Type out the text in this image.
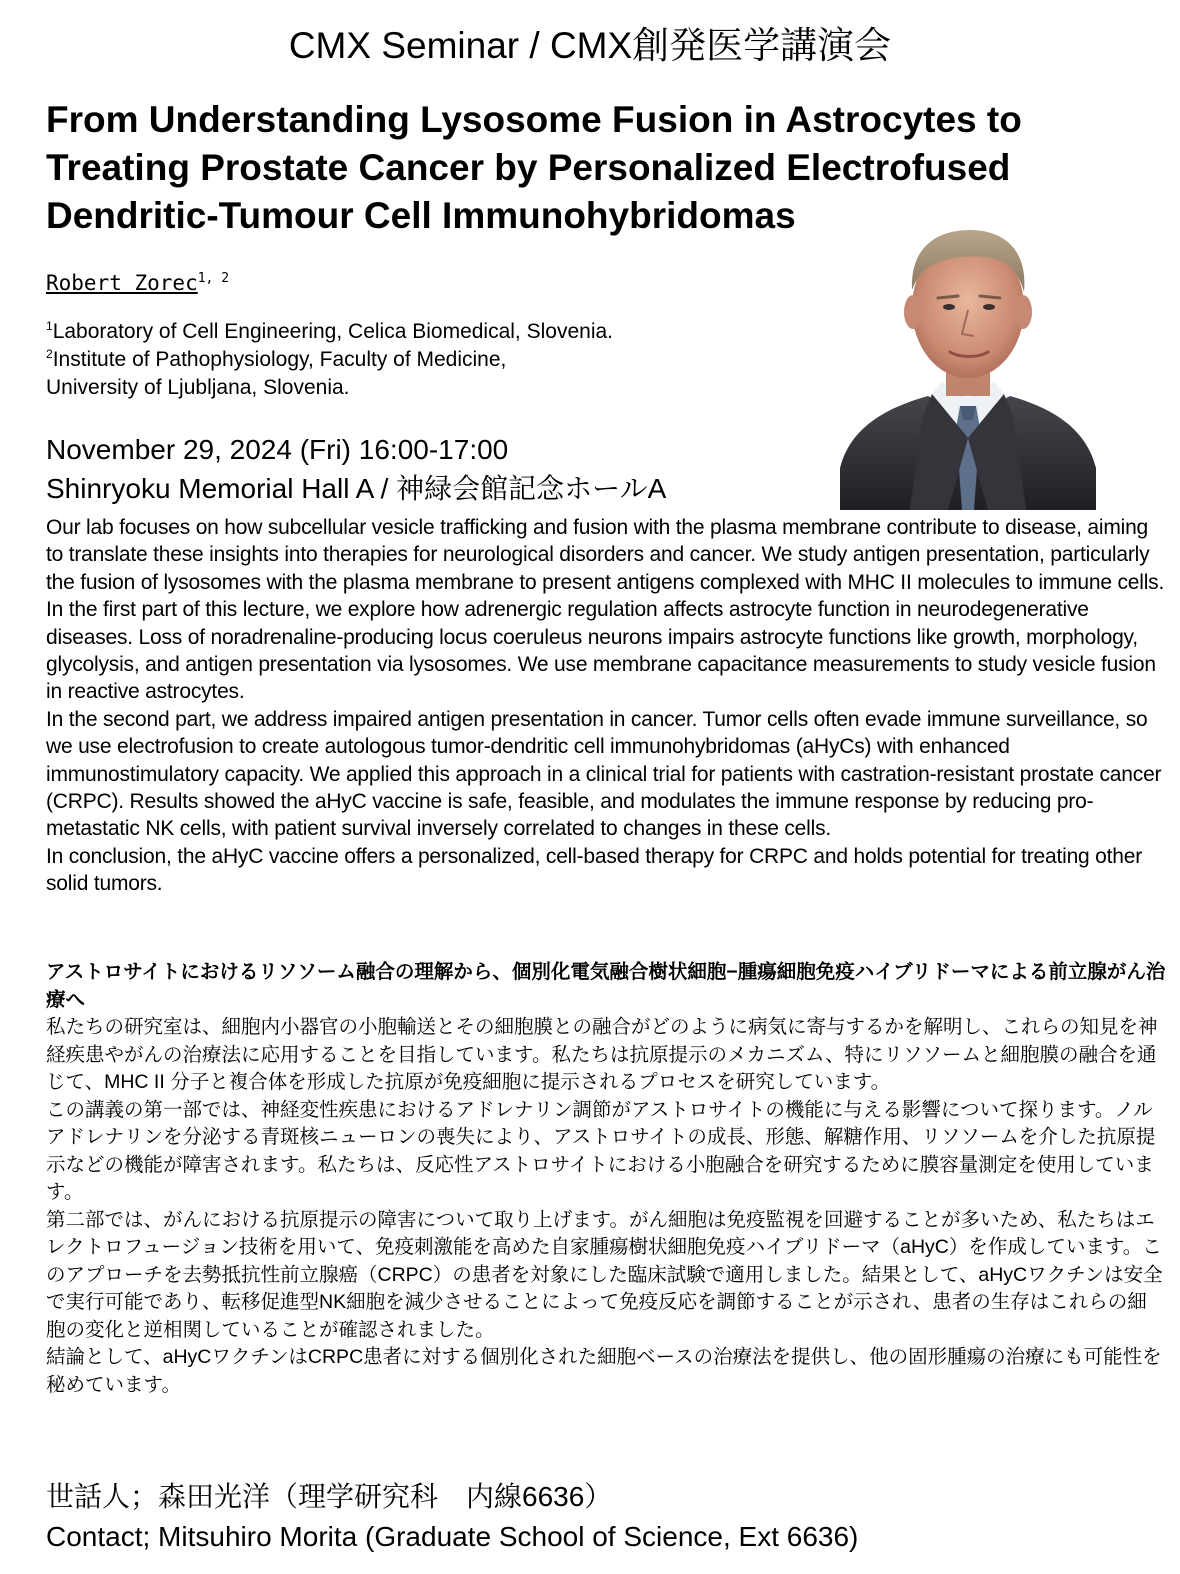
CMX Seminar / CMX創発医学講演会
From Understanding Lysosome Fusion in Astrocytes to
Treating Prostate Cancer by Personalized Electrofused
Dendritic-Tumour Cell Immunohybridomas
Robert Zorec$^{1, 2}$
$^1$Laboratory of Cell Engineering, Celica Biomedical, Slovenia.
$^2$Institute of Pathophysiology, Faculty of Medicine,
University of Ljubljana, Slovenia.
November 29, 2024 (Fri) 16:00-17:00
Shinryoku Memorial Hall A / 神緑会館記念ホールA

Our lab focuses on how subcellular vesicle trafficking and fusion with the plasma membrane contribute to disease, aiming to translate these insights into therapies for neurological disorders and cancer. We study antigen presentation, particularly the fusion of lysosomes with the plasma membrane to present antigens complexed with MHC II molecules to immune cells.

In the first part of this lecture, we explore how adrenergic regulation affects astrocyte function in neurodegenerative diseases. Loss of noradrenaline-producing locus coeruleus neurons impairs astrocyte functions like growth, morphology, glycolysis, and antigen presentation via lysosomes. We use membrane capacitance measurements to study vesicle fusion in reactive astrocytes.

In the second part, we address impaired antigen presentation in cancer. Tumor cells often evade immune surveillance, so we use electrofusion to create autologous tumor-dendritic cell immunohybridomas (aHyCs) with enhanced immunostimulatory capacity. We applied this approach in a clinical trial for patients with castration-resistant prostate cancer (CRPC). Results showed the aHyC vaccine is safe, feasible, and modulates the immune response by reducing pro-metastatic NK cells, with patient survival inversely correlated to changes in these cells.

In conclusion, the aHyC vaccine offers a personalized, cell-based therapy for CRPC and holds potential for treating other solid tumors.

アストロサイトにおけるリソソーム融合の理解から、個別化電気融合樹状細胞−腫瘍細胞免疫ハイブリドーマによる前立腺がん治療へ

私たちの研究室は、細胞内小器官の小胞輸送とその細胞膜との融合がどのように病気に寄与するかを解明し、これらの知見を神経疾患やがんの治療法に応用することを目指しています。私たちは抗原提示のメカニズム、特にリソソームと細胞膜の融合を通じて、MHC II 分子と複合体を形成した抗原が免疫細胞に提示されるプロセスを研究しています。

この講義の第一部では、神経変性疾患におけるアドレナリン調節がアストロサイトの機能に与える影響について探ります。ノルアドレナリンを分泌する青斑核ニューロンの喪失により、アストロサイトの成長、形態、解糖作用、リソソームを介した抗原提示などの機能が障害されます。私たちは、反応性アストロサイトにおける小胞融合を研究するために膜容量測定を使用しています。

第二部では、がんにおける抗原提示の障害について取り上げます。がん細胞は免疫監視を回避することが多いため、私たちはエレクトロフュージョン技術を用いて、免疫刺激能を高めた自家腫瘍樹状細胞免疫ハイブリドーマ（aHyC）を作成しています。このアプローチを去勢抵抗性前立腺癌（CRPC）の患者を対象にした臨床試験で適用しました。結果として、aHyCワクチンは安全で実行可能であり、転移促進型NK細胞を減少させることによって免疫反応を調節することが示され、患者の生存はこれらの細胞の変化と逆相関していることが確認されました。

結論として、aHyCワクチンはCRPC患者に対する個別化された細胞ベースの治療法を提供し、他の固形腫瘍の治療にも可能性を秘めています。

世話人；森田光洋（理学研究科　内線6636）
Contact; Mitsuhiro Morita (Graduate School of Science, Ext 6636)
